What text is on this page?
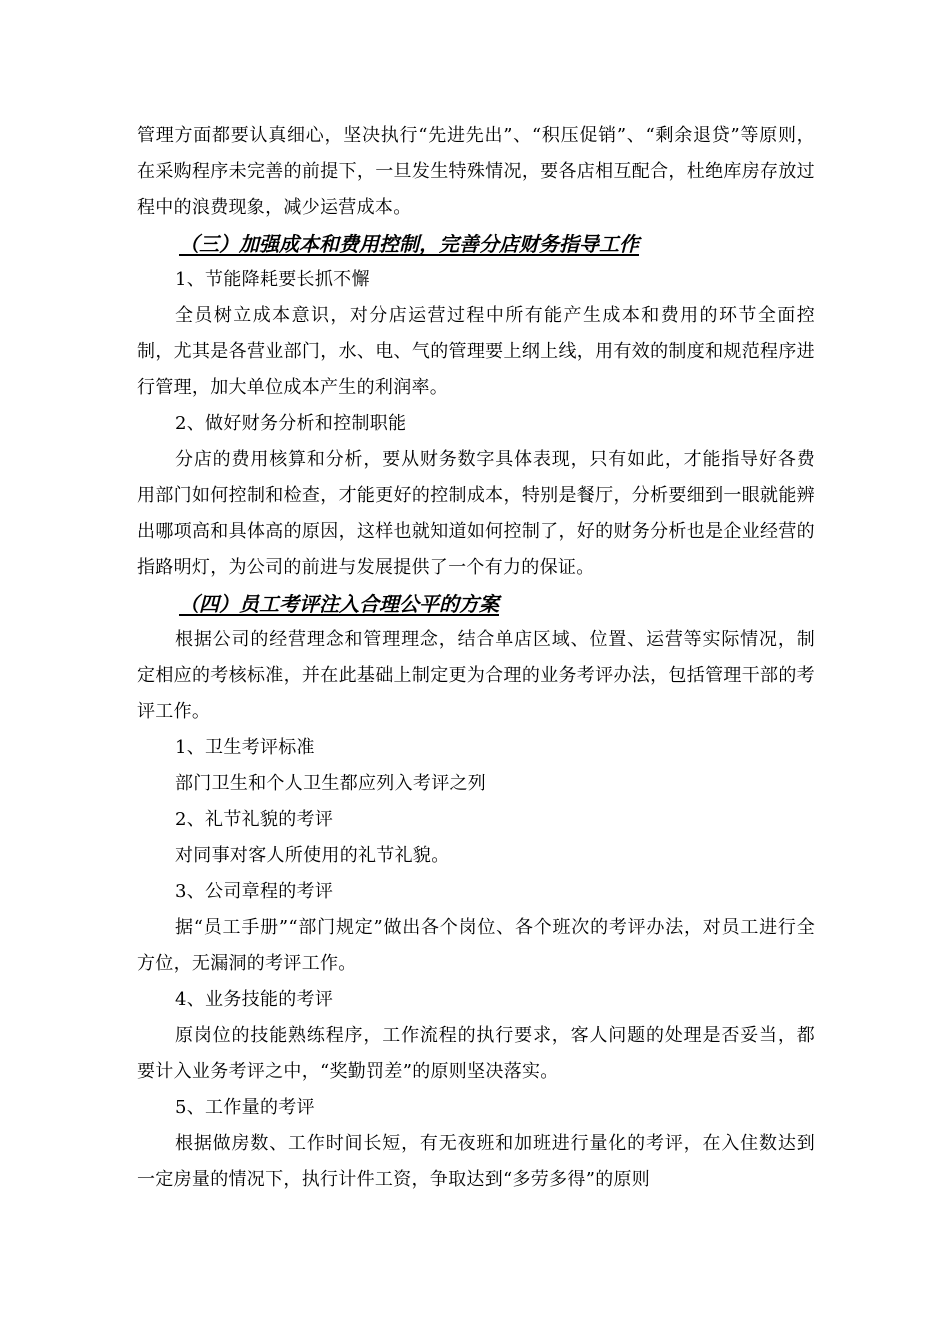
管理方面都要认真细心，坚决执行“先进先出”、“积压促销”、“剩余退贷”等原则，在采购程序未完善的前提下，一旦发生特殊情况，要各店相互配合，杜绝库房存放过程中的浪费现象，减少运营成本。

（三）加强成本和费用控制，完善分店财务指导工作

1、节能降耗要长抓不懈

全员树立成本意识，对分店运营过程中所有能产生成本和费用的环节全面控制，尤其是各营业部门，水、电、气的管理要上纲上线，用有效的制度和规范程序进行管理，加大单位成本产生的利润率。

2、做好财务分析和控制职能

分店的费用核算和分析，要从财务数字具体表现，只有如此，才能指导好各费用部门如何控制和检查，才能更好的控制成本，特别是餐厅，分析要细到一眼就能辨出哪项高和具体高的原因，这样也就知道如何控制了，好的财务分析也是企业经营的指路明灯，为公司的前进与发展提供了一个有力的保证。

（四）员工考评注入合理公平的方案

根据公司的经营理念和管理理念，结合单店区域、位置、运营等实际情况，制定相应的考核标准，并在此基础上制定更为合理的业务考评办法，包括管理干部的考评工作。

1、卫生考评标准

部门卫生和个人卫生都应列入考评之列

2、礼节礼貌的考评

对同事对客人所使用的礼节礼貌。

3、公司章程的考评

据“员工手册”“部门规定”做出各个岗位、各个班次的考评办法，对员工进行全方位，无漏洞的考评工作。

4、业务技能的考评

原岗位的技能熟练程序，工作流程的执行要求，客人问题的处理是否妥当，都要计入业务考评之中，“奖勤罚差”的原则坚决落实。

5、工作量的考评

根据做房数、工作时间长短，有无夜班和加班进行量化的考评，在入住数达到一定房量的情况下，执行计件工资，争取达到“多劳多得”的原则
